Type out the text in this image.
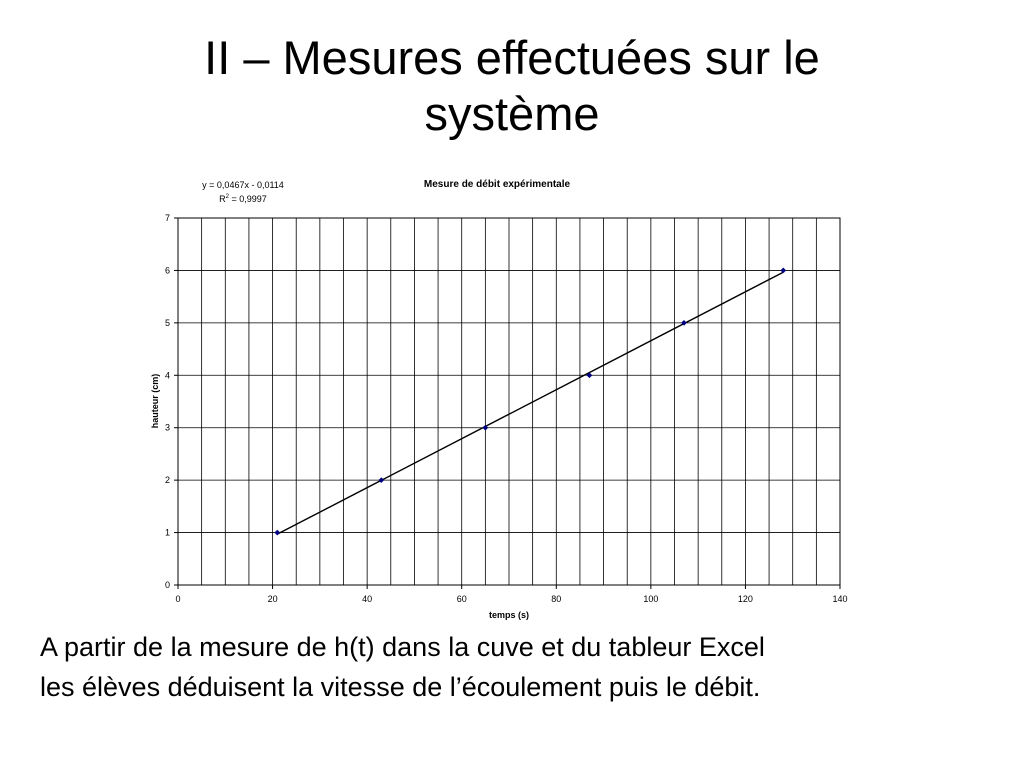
II – Mesures effectuées sur le
système
y = 0,0467x - 0,0114
$R^2 = 0,9997$
Mesure de débit expérimentale
0	20	40	60	80	100	120	140
0
1
2
3
4
5
6
7
temps (s)
hauteur (cm)
A partir de la mesure de h(t) dans la cuve et du tableur Excel
les élèves déduisent la vitesse de l’écoulement puis le débit.
